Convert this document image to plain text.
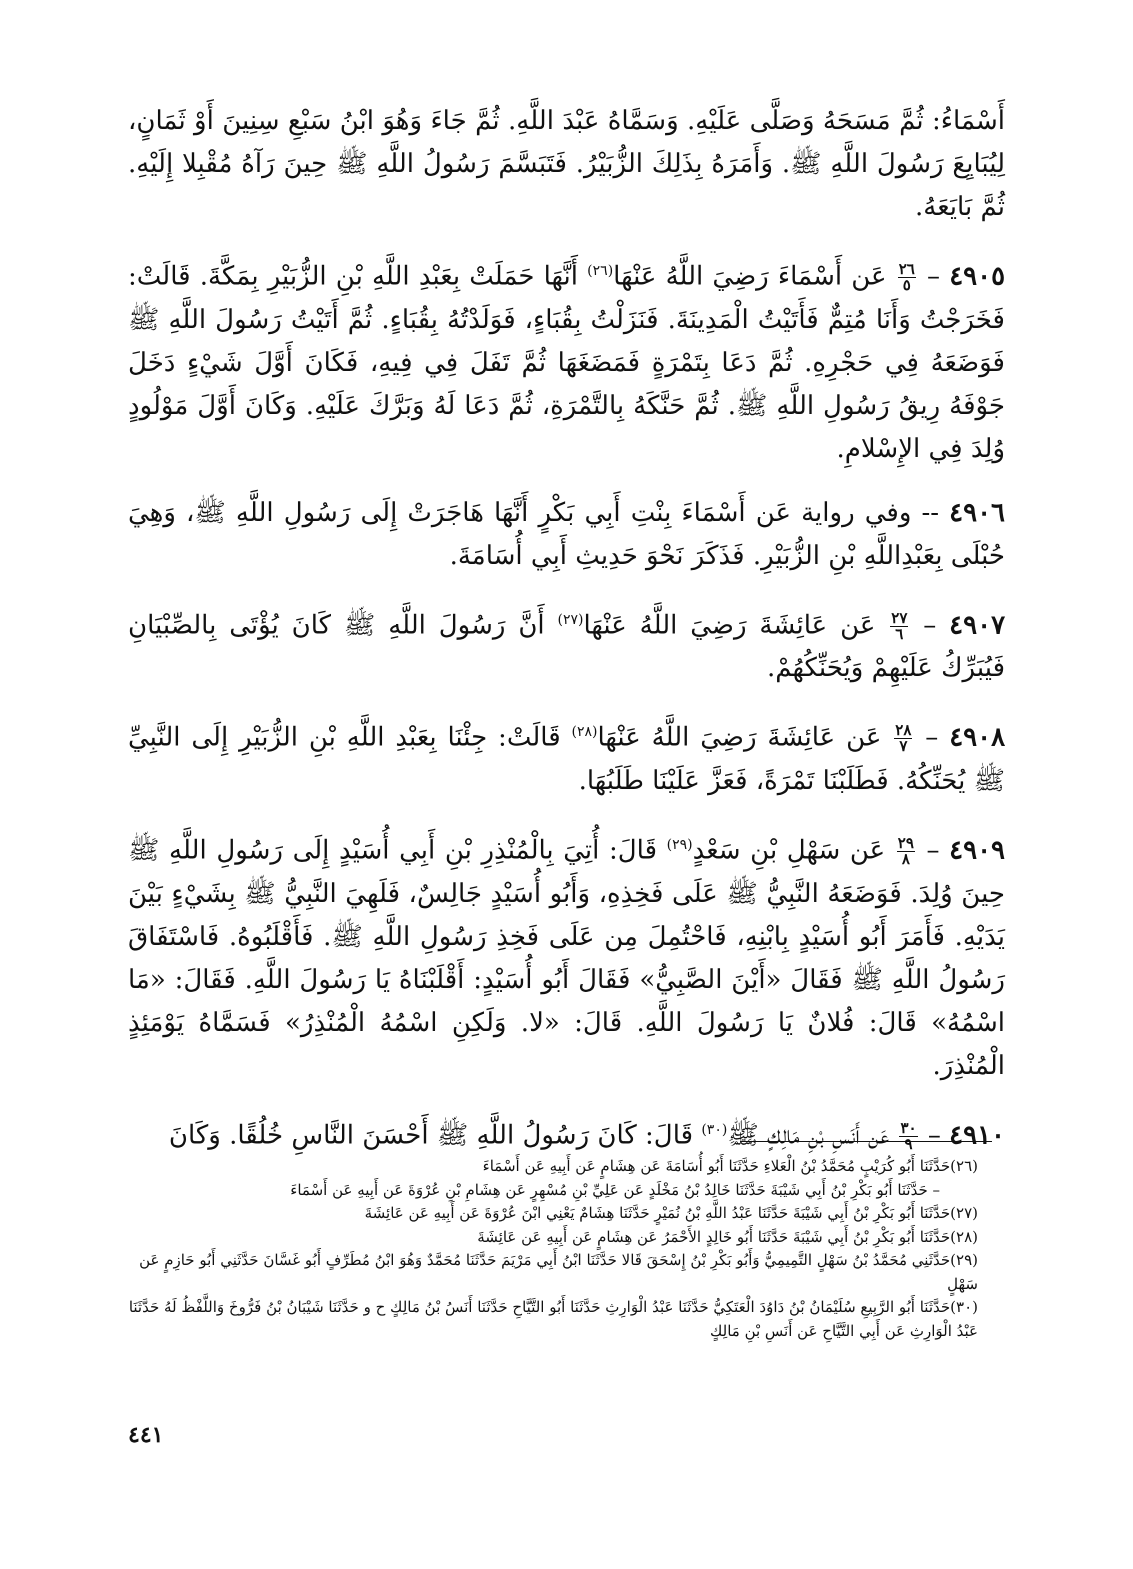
أَسْمَاءُ: ثُمَّ مَسَحَهُ وَصَلَّى عَلَيْهِ. وَسَمَّاهُ عَبْدَ اللَّهِ. ثُمَّ جَاءَ وَهُوَ ابْنُ سَبْعِ سِنِينَ أَوْ ثَمَانٍ، لِيُبَايِعَ رَسُولَ اللَّهِ ﷺ. وَأَمَرَهُ بِذَلِكَ الزُّبَيْرُ. فَتَبَسَّمَ رَسُولُ اللَّهِ ﷺ حِينَ رَآهُ مُقْبِلا إِلَيْهِ. ثُمَّ بَايَعَهُ.

٤٩٠٥ –
$\frac{٢٦}{٥}$
عَن أَسْمَاءَ رَضِيَ اللَّهُ عَنْهَا$^{(٢٦)}$ أَنَّهَا حَمَلَتْ بِعَبْدِ اللَّهِ بْنِ الزُّبَيْرِ بِمَكَّةَ. قَالَتْ: فَخَرَجْتُ وَأَنَا مُتِمٌّ فَأَتَيْتُ الْمَدِينَةَ. فَنَزَلْتُ بِقُبَاءٍ، فَوَلَدْتُهُ بِقُبَاءٍ. ثُمَّ أَتَيْتُ رَسُولَ اللَّهِ ﷺ فَوَضَعَهُ فِي حَجْرِهِ. ثُمَّ دَعَا بِتَمْرَةٍ فَمَضَغَهَا ثُمَّ تَفَلَ فِي فِيهِ، فَكَانَ أَوَّلَ شَيْءٍ دَخَلَ جَوْفَهُ رِيقُ رَسُولِ اللَّهِ ﷺ. ثُمَّ حَنَّكَهُ بِالتَّمْرَةِ، ثُمَّ دَعَا لَهُ وَبَرَّكَ عَلَيْهِ. وَكَانَ أَوَّلَ مَوْلُودٍ وُلِدَ فِي الإِسْلامِ.

٤٩٠٦ -- وفي رواية عَن أَسْمَاءَ بِنْتِ أَبِي بَكْرٍ أَنَّهَا هَاجَرَتْ إِلَى رَسُولِ اللَّهِ ﷺ، وَهِيَ حُبْلَى بِعَبْدِاللَّهِ بْنِ الزُّبَيْرِ. فَذَكَرَ نَحْوَ حَدِيثِ أَبِي أُسَامَةَ.

٤٩٠٧ –
$\frac{٢٧}{٦}$
عَن عَائِشَةَ رَضِيَ اللَّهُ عَنْهَا$^{(٢٧)}$ أَنَّ رَسُولَ اللَّهِ ﷺ كَانَ يُؤْتَى بِالصِّبْيَانِ فَيُبَرِّكُ عَلَيْهِمْ وَيُحَنِّكُهُمْ.

٤٩٠٨ –
$\frac{٢٨}{٧}$
عَن عَائِشَةَ رَضِيَ اللَّهُ عَنْهَا$^{(٢٨)}$ قَالَتْ: جِئْنَا بِعَبْدِ اللَّهِ بْنِ الزُّبَيْرِ إِلَى النَّبِيِّ ﷺ يُحَنِّكُهُ. فَطَلَبْنَا تَمْرَةً، فَعَزَّ عَلَيْنَا طَلَبُهَا.

٤٩٠٩ –
$\frac{٢٩}{٨}$
عَن سَهْلِ بْنِ سَعْدٍ$^{(٢٩)}$ قَالَ: أُتِيَ بِالْمُنْذِرِ بْنِ أَبِي أُسَيْدٍ إِلَى رَسُولِ اللَّهِ ﷺ حِينَ وُلِدَ. فَوَضَعَهُ النَّبِيُّ ﷺ عَلَى فَخِذِهِ، وَأَبُو أُسَيْدٍ جَالِسٌ، فَلَهِيَ النَّبِيُّ ﷺ بِشَيْءٍ بَيْنَ يَدَيْهِ. فَأَمَرَ أَبُو أُسَيْدٍ بِابْنِهِ، فَاحْتُمِلَ مِن عَلَى فَخِذِ رَسُولِ اللَّهِ ﷺ. فَأَقْلَبُوهُ. فَاسْتَفَاقَ رَسُولُ اللَّهِ ﷺ فَقَالَ «أَيْنَ الصَّبِيُّ» فَقَالَ أَبُو أُسَيْدٍ: أَقْلَبْنَاهُ يَا رَسُولَ اللَّهِ. فَقَالَ: «مَا اسْمُهُ» قَالَ: فُلانٌ يَا رَسُولَ اللَّهِ. قَالَ: «لا. وَلَكِنِ اسْمُهُ الْمُنْذِرُ» فَسَمَّاهُ يَوْمَئِذٍ الْمُنْذِرَ.

٤٩١٠ –
$\frac{٣٠}{٩}$
عَن أَنَسِ بْنِ مَالِكٍ ﷺ$^{(٣٠)}$ قَالَ: كَانَ رَسُولُ اللَّهِ ﷺ أَحْسَنَ النَّاسِ خُلُقًا. وَكَانَ

(٢٦)حَدَّثَنَا أَبُو كُرَيْبٍ مُحَمَّدُ بْنُ الْعَلاءِ حَدَّثَنَا أَبُو أُسَامَةَ عَن هِشَامٍ عَن أَبِيهِ عَن أَسْمَاءَ

– حَدَّثَنَا أَبُو بَكْرِ بْنُ أَبِي شَيْبَةَ حَدَّثَنَا خَالِدُ بْنُ مَخْلَدٍ عَن عَلِيِّ بْنِ مُسْهِرٍ عَن هِشَامِ بْنِ عُرْوَةَ عَن أَبِيهِ عَن أَسْمَاءَ

(٢٧)حَدَّثَنَا أَبُو بَكْرِ بْنُ أَبِي شَيْبَةَ حَدَّثَنَا عَبْدُ اللَّهِ بْنُ نُمَيْرٍ حَدَّثَنَا هِشَامٌ يَعْنِي ابْنَ عُرْوَةَ عَن أَبِيهِ عَن عَائِشَةَ

(٢٨)حَدَّثَنَا أَبُو بَكْرِ بْنُ أَبِي شَيْبَةَ حَدَّثَنَا أَبُو خَالِدٍ الأَحْمَرُ عَن هِشَامٍ عَن أَبِيهِ عَن عَائِشَةَ

(٢٩)حَدَّثَنِي مُحَمَّدُ بْنُ سَهْلٍ التَّمِيمِيُّ وَأَبُو بَكْرِ بْنُ إِسْحَقَ قَالا حَدَّثَنَا ابْنُ أَبِي مَرْيَمَ حَدَّثَنَا مُحَمَّدٌ وَهُوَ ابْنُ مُطَرِّفٍ أَبُو غَسَّانَ حَدَّثَنِي أَبُو حَازِمٍ عَن سَهْلٍ

(٣٠)حَدَّثَنَا أَبُو الرَّبِيعِ سُلَيْمَانُ بْنُ دَاوُدَ الْعَتَكِيُّ حَدَّثَنَا عَبْدُ الْوَارِثِ حَدَّثَنَا أَبُو التَّيَّاحِ حَدَّثَنَا أَنَسُ بْنُ مَالِكٍ ح و حَدَّثَنَا شَيْبَانُ بْنُ فَرُّوخَ وَاللَّفْظُ لَهُ حَدَّثَنَا عَبْدُ الْوَارِثِ عَن أَبِي التَّيَّاحِ عَن أَنَسِ بْنِ مَالِكٍ

٤٤١
